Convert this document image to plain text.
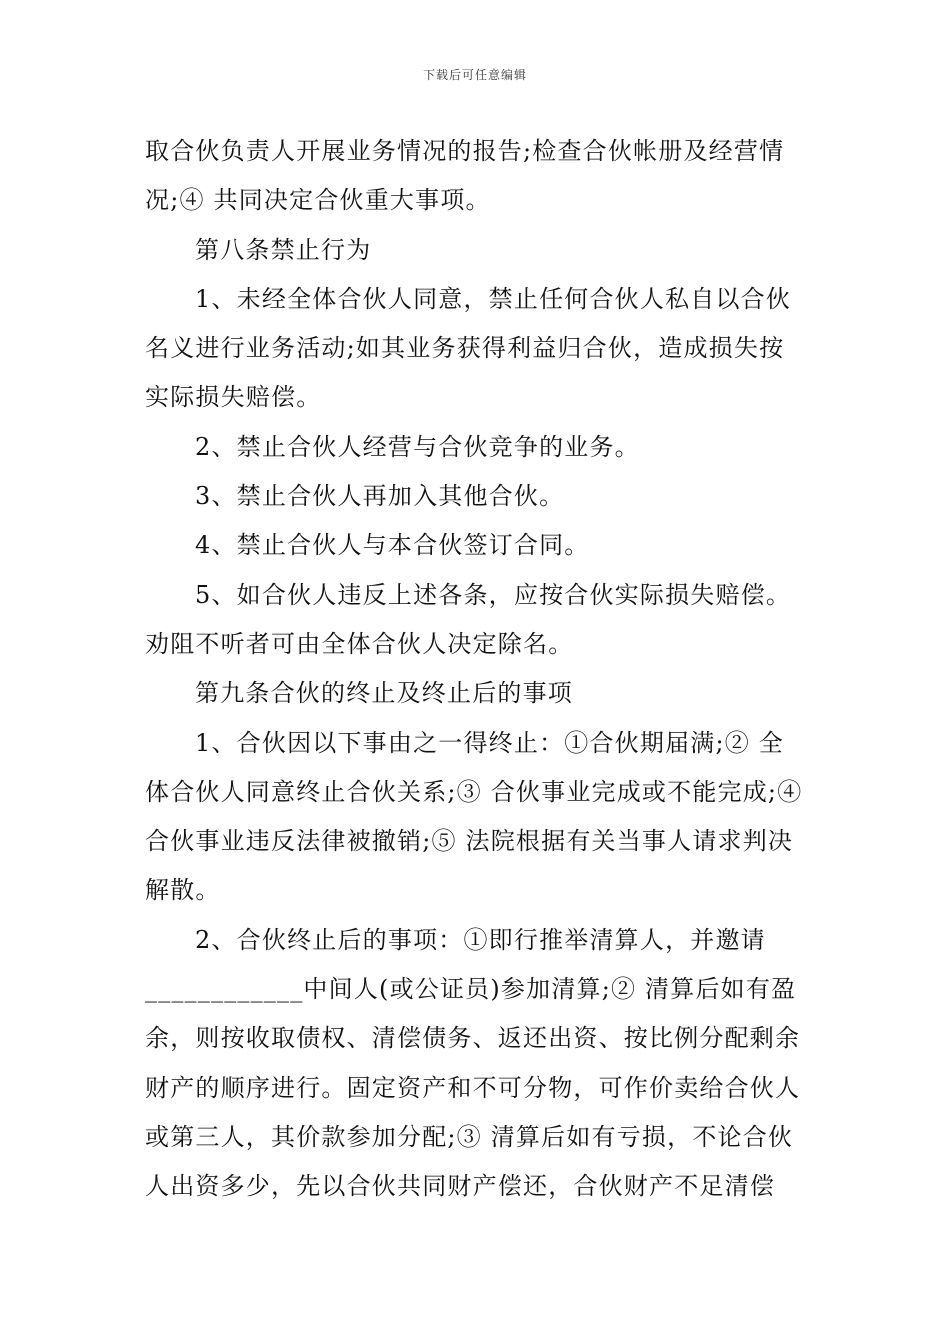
下载后可任意编辑

取合伙负责人开展业务情况的报告;检查合伙帐册及经营情况;④ 共同决定合伙重大事项。

第八条禁止行为

1、未经全体合伙人同意，禁止任何合伙人私自以合伙名义进行业务活动;如其业务获得利益归合伙，造成损失按实际损失赔偿。

2、禁止合伙人经营与合伙竞争的业务。

3、禁止合伙人再加入其他合伙。

4、禁止合伙人与本合伙签订合同。

5、如合伙人违反上述各条，应按合伙实际损失赔偿。劝阻不听者可由全体合伙人决定除名。

第九条合伙的终止及终止后的事项

1、合伙因以下事由之一得终止：①合伙期届满;② 全体合伙人同意终止合伙关系;③ 合伙事业完成或不能完成;④ 合伙事业违反法律被撤销;⑤ 法院根据有关当事人请求判决解散。

2、合伙终止后的事项：①即行推举清算人，并邀请____________中间人(或公证员)参加清算;② 清算后如有盈余，则按收取债权、清偿债务、返还出资、按比例分配剩余财产的顺序进行。固定资产和不可分物，可作价卖给合伙人或第三人，其价款参加分配;③ 清算后如有亏损，不论合伙人出资多少，先以合伙共同财产偿还，合伙财产不足清偿
